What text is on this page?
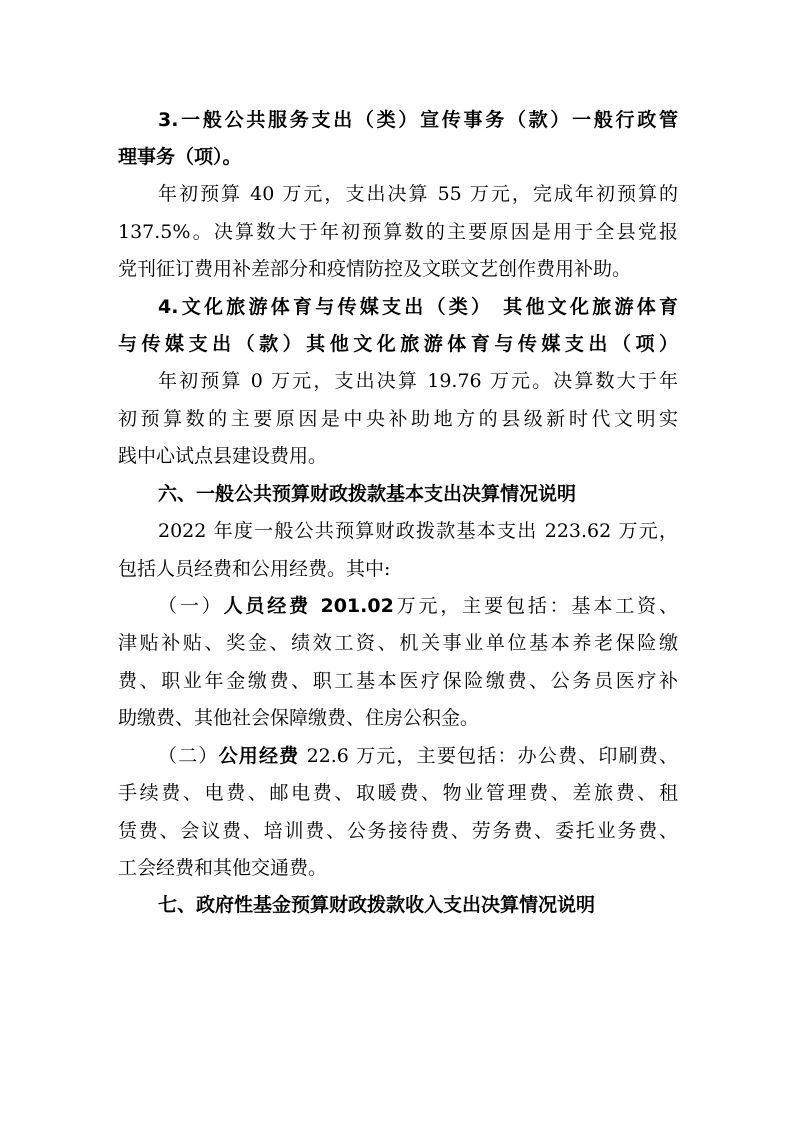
3.一般公共服务支出（类）宣传事务（款）一般行政管
理事务（项）。
年初预算 40 万元，支出决算 55 万元，完成年初预算的
137.5%。决算数大于年初预算数的主要原因是用于全县党报
党刊征订费用补差部分和疫情防控及文联文艺创作费用补助。
4.文化旅游体育与传媒支出（类） 其他文化旅游体育
与传媒支出（款）其他文化旅游体育与传媒支出（项）
年初预算 0 万元，支出决算 19.76 万元。决算数大于年
初预算数的主要原因是中央补助地方的县级新时代文明实
践中心试点县建设费用。
六、一般公共预算财政拨款基本支出决算情况说明
2022 年度一般公共预算财政拨款基本支出 223.62 万元，
包括人员经费和公用经费。其中:
（一）人员经费 201.02万元，主要包括：基本工资、
津贴补贴、奖金、绩效工资、机关事业单位基本养老保险缴
费、职业年金缴费、职工基本医疗保险缴费、公务员医疗补
助缴费、其他社会保障缴费、住房公积金。
（二）公用经费 22.6 万元，主要包括：办公费、印刷费、
手续费、电费、邮电费、取暖费、物业管理费、差旅费、租
赁费、会议费、培训费、公务接待费、劳务费、委托业务费、
工会经费和其他交通费。
七、政府性基金预算财政拨款收入支出决算情况说明
